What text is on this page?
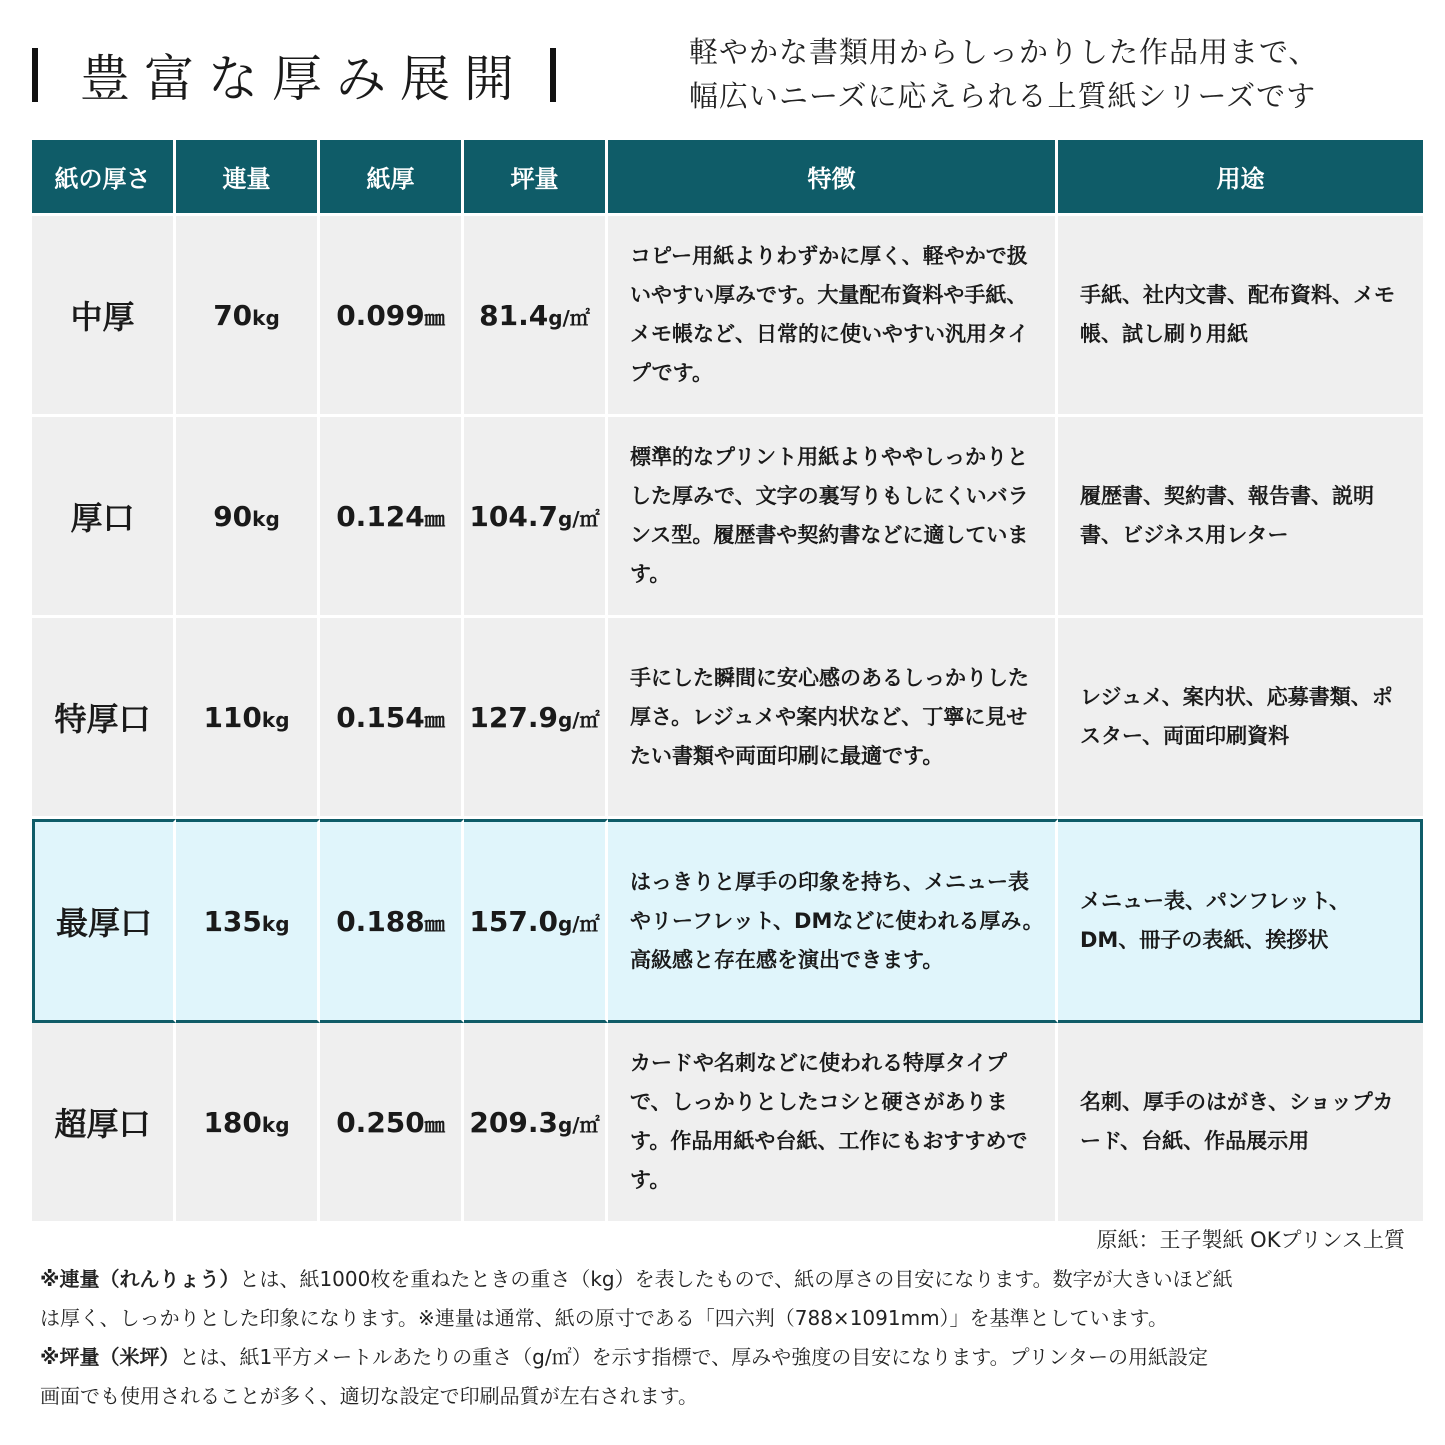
豊富な厚み展開	軽やかな書類用からしっかりした作品用まで、
幅広いニーズに応えられる上質紙シリーズです
紙の厚さ	連量	紙厚	坪量	特徴	用途
中厚	70kg	0.099㎜	81.4g/㎡	コピー用紙よりわずかに厚く、軽やかで扱いやすい厚みです。大量配布資料や手紙、メモ帳など、日常的に使いやすい汎用タイプです。	手紙、社内文書、配布資料、メモ帳、試し刷り用紙
厚口	90kg	0.124㎜	104.7g/㎡	標準的なプリント用紙よりややしっかりとした厚みで、文字の裏写りもしにくいバランス型。履歴書や契約書などに適しています。	履歴書、契約書、報告書、説明書、ビジネス用レター
特厚口	110kg	0.154㎜	127.9g/㎡	手にした瞬間に安心感のあるしっかりした厚さ。レジュメや案内状など、丁寧に見せたい書類や両面印刷に最適です。	レジュメ、案内状、応募書類、ポスター、両面印刷資料
最厚口	135kg	0.188㎜	157.0g/㎡	はっきりと厚手の印象を持ち、メニュー表やリーフレット、DMなどに使われる厚み。高級感と存在感を演出できます。	メニュー表、パンフレット、DM、冊子の表紙、挨拶状
超厚口	180kg	0.250㎜	209.3g/㎡	カードや名刺などに使われる特厚タイプで、しっかりとしたコシと硬さがあります。作品用紙や台紙、工作にもおすすめです。	名刺、厚手のはがき、ショップカード、台紙、作品展示用
原紙：王子製紙 OKプリンス上質
※連量（れんりょう）とは、紙1000枚を重ねたときの重さ（kg）を表したもので、紙の厚さの目安になります。数字が大きいほど紙
は厚く、しっかりとした印象になります。※連量は通常、紙の原寸である「四六判（788×1091mm）」を基準としています。
※坪量（米坪）とは、紙1平方メートルあたりの重さ（g/㎡）を示す指標で、厚みや強度の目安になります。プリンターの用紙設定
画面でも使用されることが多く、適切な設定で印刷品質が左右されます。
